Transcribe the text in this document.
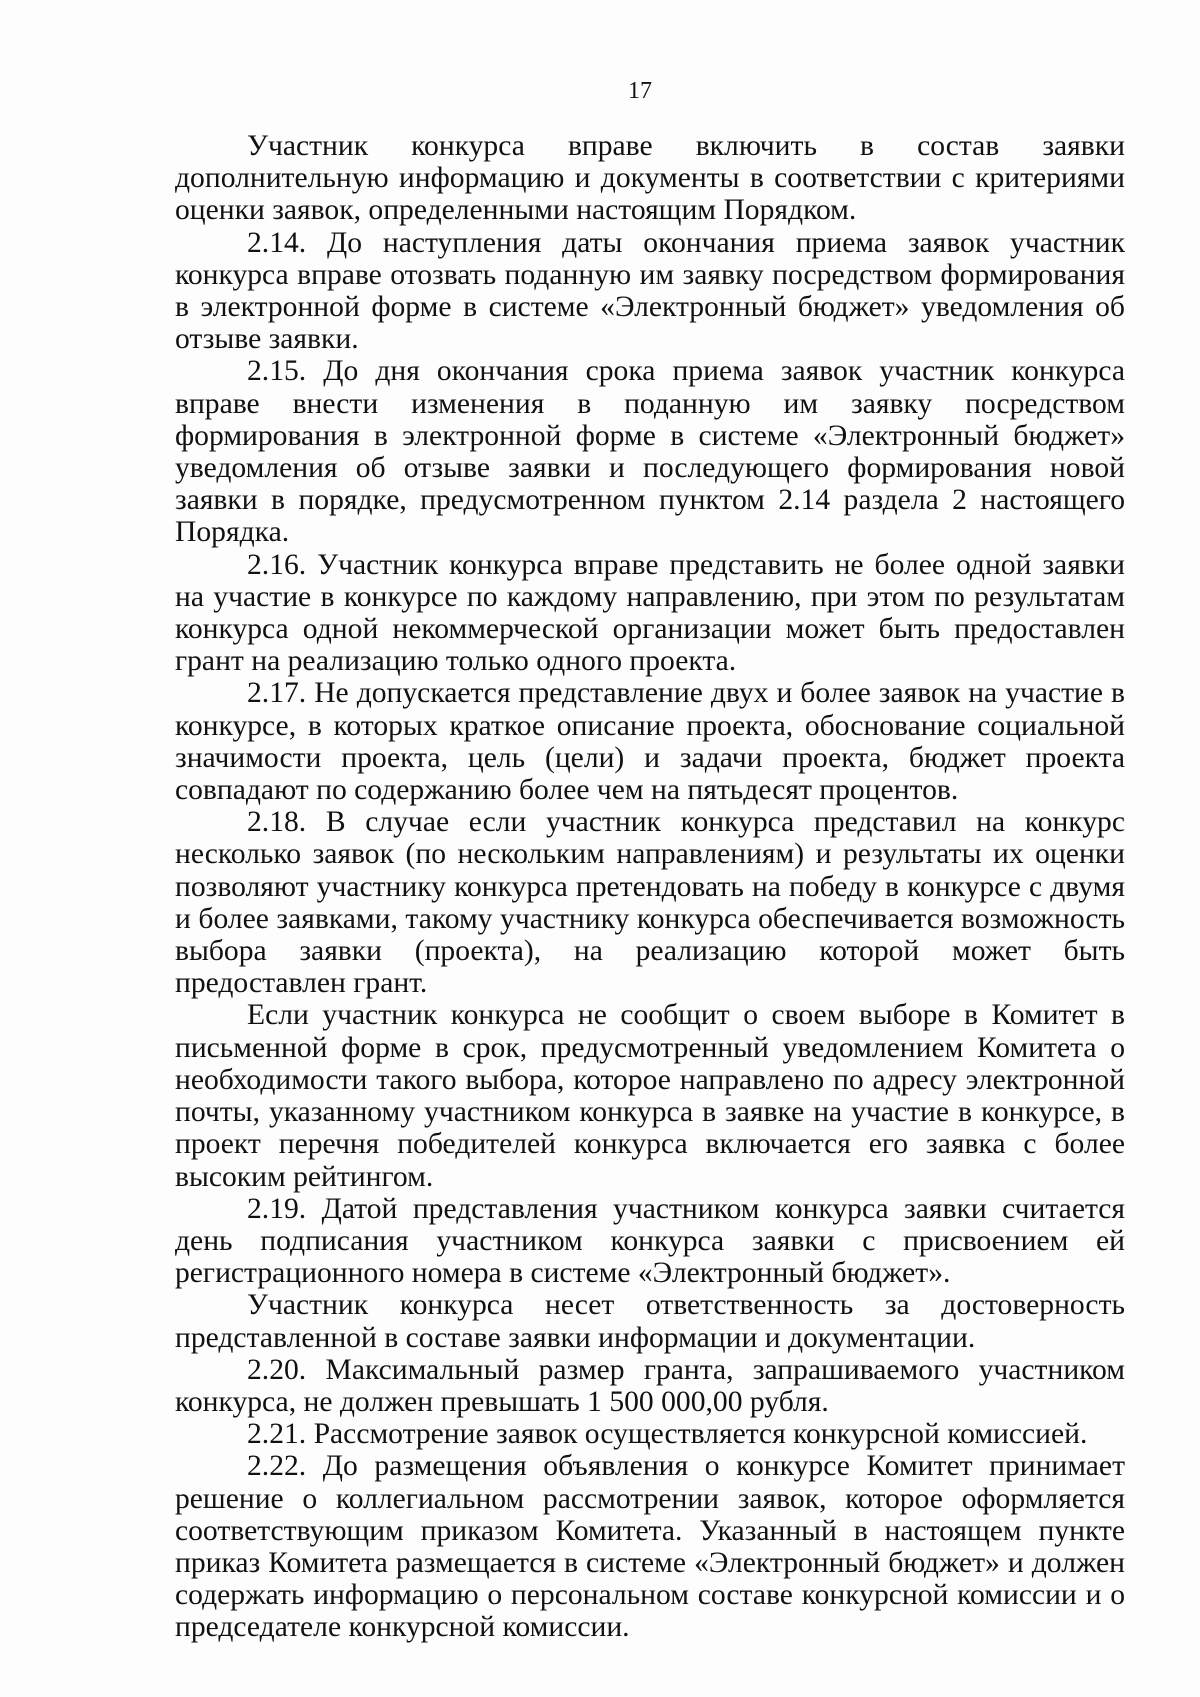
17

Участник конкурса вправе включить в состав заявки дополнительную информацию и документы в соответствии с критериями оценки заявок, определенными настоящим Порядком.

2.14. До наступления даты окончания приема заявок участник конкурса вправе отозвать поданную им заявку посредством формирования в электронной форме в системе «Электронный бюджет» уведомления об отзыве заявки.

2.15. До дня окончания срока приема заявок участник конкурса вправе внести изменения в поданную им заявку посредством формирования в электронной форме в системе «Электронный бюджет» уведомления об отзыве заявки и последующего формирования новой заявки в порядке, предусмотренном пунктом 2.14 раздела 2 настоящего Порядка.

2.16. Участник конкурса вправе представить не более одной заявки на участие в конкурсе по каждому направлению, при этом по результатам конкурса одной некоммерческой организации может быть предоставлен грант на реализацию только одного проекта.

2.17. Не допускается представление двух и более заявок на участие в конкурсе, в которых краткое описание проекта, обоснование социальной значимости проекта, цель (цели) и задачи проекта, бюджет проекта совпадают по содержанию более чем на пятьдесят процентов.

2.18. В случае если участник конкурса представил на конкурс несколько заявок (по нескольким направлениям) и результаты их оценки позволяют участнику конкурса претендовать на победу в конкурсе с двумя и более заявками, такому участнику конкурса обеспечивается возможность выбора заявки (проекта), на реализацию которой может быть предоставлен грант.

Если участник конкурса не сообщит о своем выборе в Комитет в письменной форме в срок, предусмотренный уведомлением Комитета о необходимости такого выбора, которое направлено по адресу электронной почты, указанному участником конкурса в заявке на участие в конкурсе, в проект перечня победителей конкурса включается его заявка с более высоким рейтингом.

2.19. Датой представления участником конкурса заявки считается день подписания участником конкурса заявки с присвоением ей регистрационного номера в системе «Электронный бюджет».

Участник конкурса несет ответственность за достоверность представленной в составе заявки информации и документации.

2.20. Максимальный размер гранта, запрашиваемого участником конкурса, не должен превышать 1 500 000,00 рубля.

2.21. Рассмотрение заявок осуществляется конкурсной комиссией.

2.22. До размещения объявления о конкурсе Комитет принимает решение о коллегиальном рассмотрении заявок, которое оформляется соответствующим приказом Комитета. Указанный в настоящем пункте приказ Комитета размещается в системе «Электронный бюджет» и должен содержать информацию о персональном составе конкурсной комиссии и о председателе конкурсной комиссии.
